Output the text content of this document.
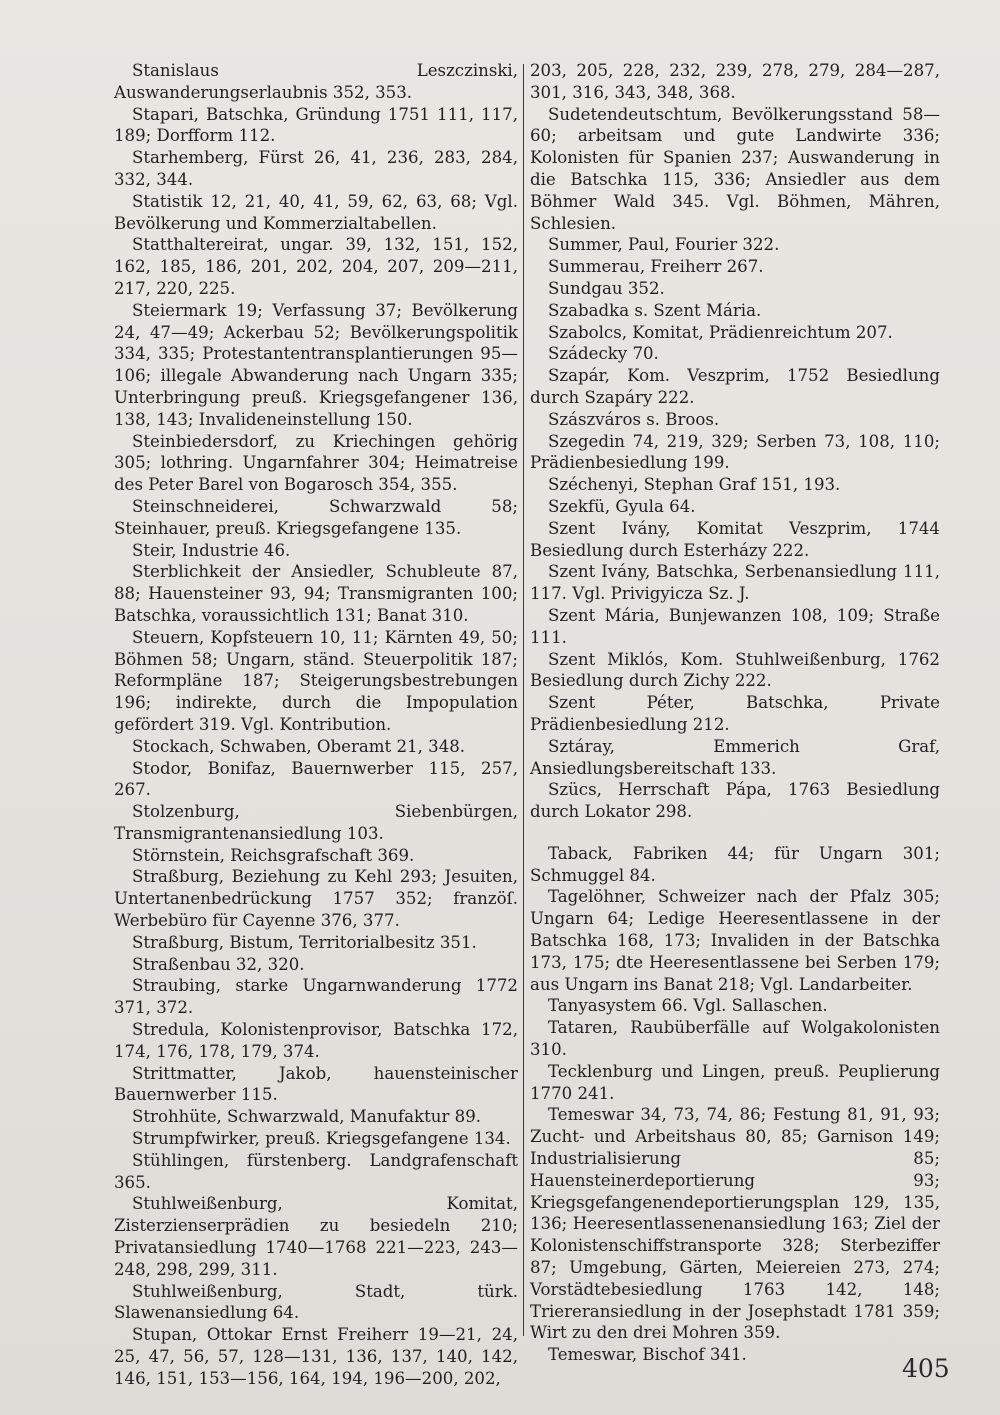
Stanislaus Leszczinski, Auswanderungserlaubnis 352, 353.

Stapari, Batschka, Gründung 1751 111, 117, 189; Dorfform 112.

Starhemberg, Fürst 26, 41, 236, 283, 284, 332, 344.

Statistik 12, 21, 40, 41, 59, 62, 63, 68; Vgl. Bevölkerung und Kommerzialtabellen.

Statthaltereirat, ungar. 39, 132, 151, 152, 162, 185, 186, 201, 202, 204, 207, 209—211, 217, 220, 225.

Steiermark 19; Verfassung 37; Bevölkerung 24, 47—49; Ackerbau 52; Bevölkerungspolitik 334, 335; Protestantentransplantierungen 95—106; illegale Abwanderung nach Ungarn 335; Unterbringung preuß. Kriegsgefangener 136, 138, 143; Invalideneinstellung 150.

Steinbiedersdorf, zu Kriechingen gehörig 305; lothring. Ungarnfahrer 304; Heimatreise des Peter Barel von Bogarosch 354, 355.

Steinschneiderei, Schwarzwald 58; Steinhauer, preuß. Kriegsgefangene 135.

Steir, Industrie 46.

Sterblichkeit der Ansiedler, Schubleute 87, 88; Hauensteiner 93, 94; Transmigranten 100; Batschka, voraussichtlich 131; Banat 310.

Steuern, Kopfsteuern 10, 11; Kärnten 49, 50; Böhmen 58; Ungarn, ständ. Steuerpolitik 187; Reformpläne 187; Steigerungsbestrebungen 196; indirekte, durch die Impopulation gefördert 319. Vgl. Kontribution.

Stockach, Schwaben, Oberamt 21, 348.

Stodor, Bonifaz, Bauernwerber 115, 257, 267.

Stolzenburg, Siebenbürgen, Transmigrantenansiedlung 103.

Störnstein, Reichsgrafschaft 369.

Straßburg, Beziehung zu Kehl 293; Jesuiten, Untertanenbedrückung 1757 352; franzöſ. Werbebüro für Cayenne 376, 377.

Straßburg, Bistum, Territorialbesitz 351.

Straßenbau 32, 320.

Straubing, starke Ungarnwanderung 1772 371, 372.

Stredula, Kolonistenprovisor, Batschka 172, 174, 176, 178, 179, 374.

Strittmatter, Jakob, hauensteinischer Bauernwerber 115.

Strohhüte, Schwarzwald, Manufaktur 89.

Strumpfwirker, preuß. Kriegsgefangene 134.

Stühlingen, fürstenberg. Landgrafenschaft 365.

Stuhlweißenburg, Komitat, Zisterzienserprädien zu besiedeln 210; Privatansiedlung 1740—1768 221—223, 243—248, 298, 299, 311.

Stuhlweißenburg, Stadt, türk. Slawenansiedlung 64.

Stupan, Ottokar Ernst Freiherr 19—21, 24, 25, 47, 56, 57, 128—131, 136, 137, 140, 142, 146, 151, 153—156, 164, 194, 196—200, 202,

203, 205, 228, 232, 239, 278, 279, 284—287, 301, 316, 343, 348, 368.

Sudetendeutschtum, Bevölkerungsstand 58—60; arbeitsam und gute Landwirte 336; Kolonisten für Spanien 237; Auswanderung in die Batschka 115, 336; Ansiedler aus dem Böhmer Wald 345. Vgl. Böhmen, Mähren, Schlesien.

Summer, Paul, Fourier 322.

Summerau, Freiherr 267.

Sundgau 352.

Szabadka s. Szent Mária.

Szabolcs, Komitat, Prädienreichtum 207.

Szádecky 70.

Szapár, Kom. Veszprim, 1752 Besiedlung durch Szapáry 222.

Szászváros s. Broos.

Szegedin 74, 219, 329; Serben 73, 108, 110; Prädienbesiedlung 199.

Széchenyi, Stephan Graf 151, 193.

Szekfü, Gyula 64.

Szent Ivány, Komitat Veszprim, 1744 Besiedlung durch Esterházy 222.

Szent Ivány, Batschka, Serbenansiedlung 111, 117. Vgl. Privigyicza Sz. J.

Szent Mária, Bunjewanzen 108, 109; Straße 111.

Szent Miklós, Kom. Stuhlweißenburg, 1762 Besiedlung durch Zichy 222.

Szent Péter, Batschka, Private Prädienbesiedlung 212.

Sztáray, Emmerich Graf, Ansiedlungsbereitschaft 133.

Szücs, Herrschaft Pápa, 1763 Besiedlung durch Lokator 298.

Taback, Fabriken 44; für Ungarn 301; Schmuggel 84.

Tagelöhner, Schweizer nach der Pfalz 305; Ungarn 64; Ledige Heeresentlassene in der Batschka 168, 173; Invaliden in der Batschka 173, 175; dte Heeresentlassene bei Serben 179; aus Ungarn ins Banat 218; Vgl. Landarbeiter.

Tanyasystem 66. Vgl. Sallaschen.

Tataren, Raubüberfälle auf Wolgakolonisten 310.

Tecklenburg und Lingen, preuß. Peuplierung 1770 241.

Temeswar 34, 73, 74, 86; Festung 81, 91, 93; Zucht- und Arbeitshaus 80, 85; Garnison 149; Industrialisierung 85; Hauensteinerdeportierung 93; Kriegsgefangenendeportierungsplan 129, 135, 136; Heeresentlassenenansiedlung 163; Ziel der Kolonistenschiffstransporte 328; Sterbeziffer 87; Umgebung, Gärten, Meiereien 273, 274; Vorstädtebesiedlung 1763 142, 148; Triereransiedlung in der Josephstadt 1781 359; Wirt zu den drei Mohren 359.

Temeswar, Bischof 341.	405
